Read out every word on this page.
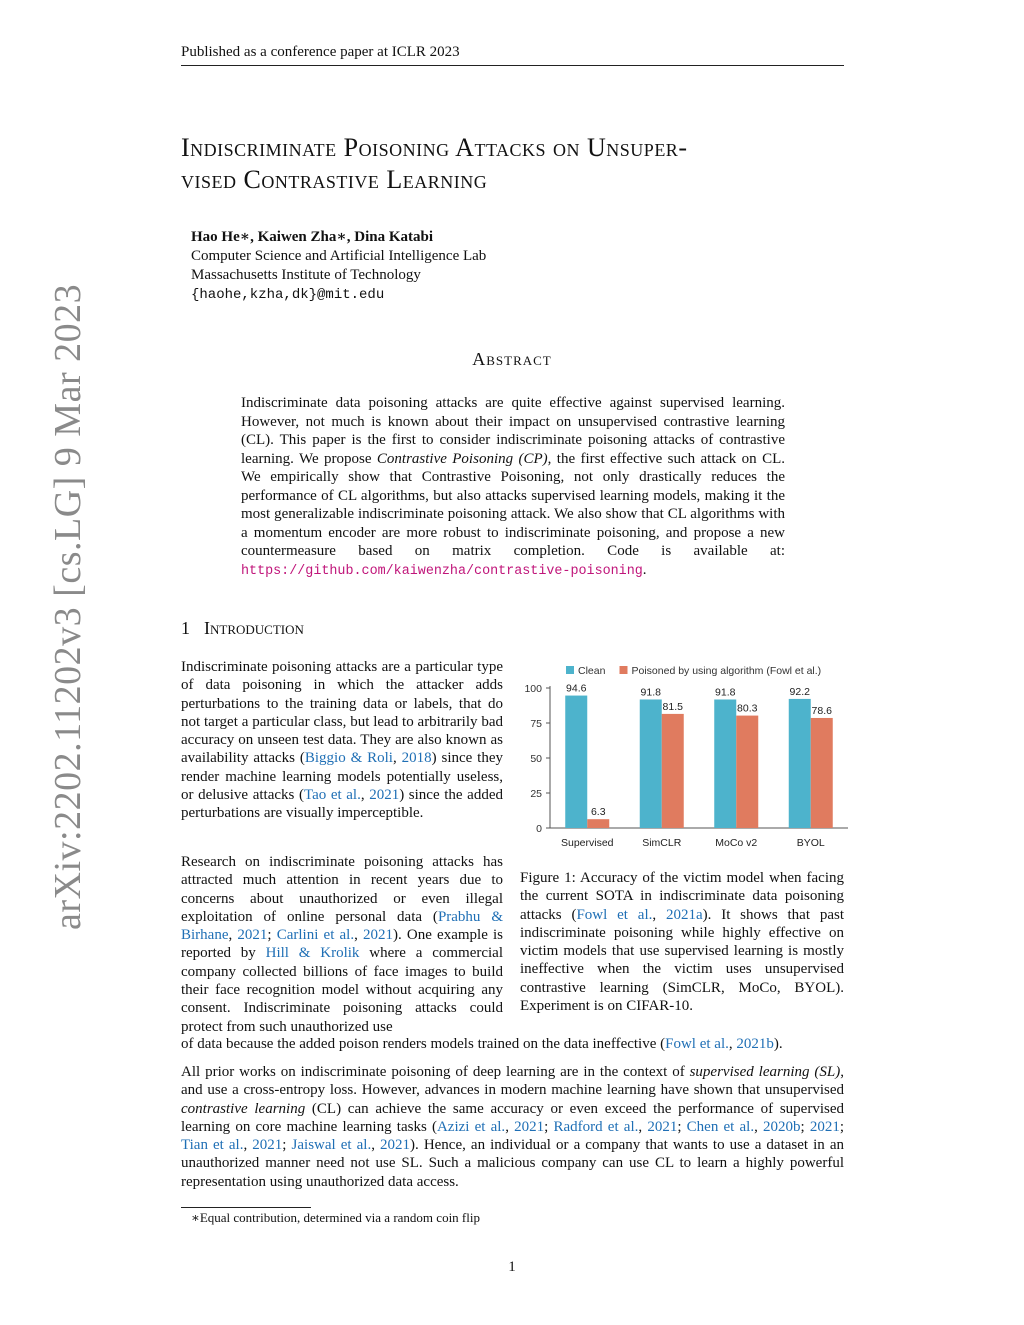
Published as a conference paper at ICLR 2023
Indiscriminate Poisoning Attacks on Unsuper-
vised Contrastive Learning
Hao He∗, Kaiwen Zha∗, Dina Katabi
Computer Science and Artificial Intelligence Lab
Massachusetts Institute of Technology
{haohe,kzha,dk}@mit.edu
Abstract
Indiscriminate data poisoning attacks are quite effective against supervised learning. However, not much is known about their impact on unsupervised contrastive learning (CL). This paper is the first to consider indiscriminate poisoning attacks of contrastive learning. We propose Contrastive Poisoning (CP), the first effective such attack on CL. We empirically show that Contrastive Poisoning, not only drastically reduces the performance of CL algorithms, but also attacks supervised learning models, making it the most generalizable indiscriminate poisoning attack. We also show that CL algorithms with a momentum encoder are more robust to indiscriminate poisoning, and propose a new countermeasure based on matrix completion. Code is available at: https://github.com/kaiwenzha/contrastive-poisoning.
1 Introduction
Indiscriminate poisoning attacks are a particular type of data poisoning in which the attacker adds perturbations to the training data or labels, that do not target a particular class, but lead to arbitrarily bad accuracy on unseen test data. They are also known as availability attacks (Biggio & Roli, 2018) since they render machine learning models potentially useless, or delusive attacks (Tao et al., 2021) since the added perturbations are visually imperceptible.
Research on indiscriminate poisoning attacks has attracted much attention in recent years due to concerns about unauthorized or even illegal exploitation of online personal data (Prabhu & Birhane, 2021; Carlini et al., 2021). One example is reported by Hill & Krolik where a commercial company collected billions of face images to build their face recognition model without acquiring any consent. Indiscriminate poisoning attacks could protect from such unauthorized use
of data because the added poison renders models trained on the data ineffective (Fowl et al., 2021b).
All prior works on indiscriminate poisoning of deep learning are in the context of supervised learning (SL), and use a cross-entropy loss. However, advances in modern machine learning have shown that unsupervised contrastive learning (CL) can achieve the same accuracy or even exceed the performance of supervised learning on core machine learning tasks (Azizi et al., 2021; Radford et al., 2021; Chen et al., 2020b; 2021; Tian et al., 2021; Jaiswal et al., 2021). Hence, an individual or a company that wants to use a dataset in an unauthorized manner need not use SL. Such a malicious company can use CL to learn a highly powerful representation using unauthorized data access.
Clean Poisoned by using algorithm (Fowl et al.)
0
25
50
75
100 94.6
6.3
Supervised
91.8
81.5
SimCLR
91.8
80.3
MoCo v2
92.2
78.6
BYOL
Figure 1: Accuracy of the victim model when facing the current SOTA in indiscriminate data poisoning attacks (Fowl et al., 2021a). It shows that past indiscriminate poisoning while highly effective on victim models that use supervised learning is mostly ineffective when the victim uses unsupervised contrastive learning (SimCLR, MoCo, BYOL). Experiment is on CIFAR-10.
∗Equal contribution, determined via a random coin flip
1
arXiv:2202.11202v3 [cs.LG] 9 Mar 2023
